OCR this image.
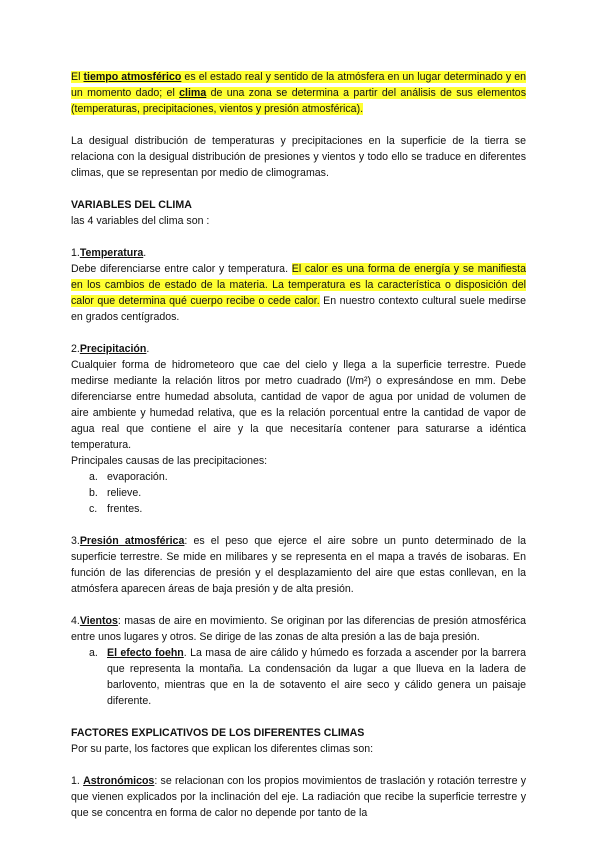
El tiempo atmosférico es el estado real y sentido de la atmósfera en un lugar determinado y en un momento dado; el clima de una zona se determina a partir del análisis de sus elementos (temperaturas, precipitaciones, vientos y presión atmosférica).

La desigual distribución de temperaturas y precipitaciones en la superficie de la tierra se relaciona con la desigual distribución de presiones y vientos y todo ello se traduce en diferentes climas, que se representan por medio de climogramas.

VARIABLES DEL CLIMA

las 4 variables del clima son :

1.Temperatura.

Debe diferenciarse entre calor y temperatura. El calor es una forma de energía y se manifiesta en los cambios de estado de la materia. La temperatura es la característica o disposición del calor que determina qué cuerpo recibe o cede calor. En nuestro contexto cultural suele medirse en grados centígrados.

2.Precipitación.

Cualquier forma de hidrometeoro que cae del cielo y llega a la superficie terrestre. Puede medirse mediante la relación litros por metro cuadrado (l/m²) o expresándose en mm. Debe diferenciarse entre humedad absoluta, cantidad de vapor de agua por unidad de volumen de aire ambiente y humedad relativa, que es la relación porcentual entre la cantidad de vapor de agua real que contiene el aire y la que necesitaría contener para saturarse a idéntica temperatura.

Principales causas de las precipitaciones:

a. evaporación.
b. relieve.
c. frentes.

3.Presión atmosférica: es el peso que ejerce el aire sobre un punto determinado de la superficie terrestre. Se mide en milibares y se representa en el mapa a través de isobaras. En función de las diferencias de presión y el desplazamiento del aire que estas conllevan, en la atmósfera aparecen áreas de baja presión y de alta presión.

4.Vientos: masas de aire en movimiento. Se originan por las diferencias de presión atmosférica entre unos lugares y otros. Se dirige de las zonas de alta presión a las de baja presión.

a. El efecto foehn. La masa de aire cálido y húmedo es forzada a ascender por la barrera que representa la montaña. La condensación da lugar a que llueva en la ladera de barlovento, mientras que en la de sotavento el aire seco y cálido genera un paisaje diferente.

FACTORES EXPLICATIVOS DE LOS DIFERENTES CLIMAS

Por su parte, los factores que explican los diferentes climas son:

1. Astronómicos: se relacionan con los propios movimientos de traslación y rotación terrestre y que vienen explicados por la inclinación del eje. La radiación que recibe la superficie terrestre y que se concentra en forma de calor no depende por tanto de la
